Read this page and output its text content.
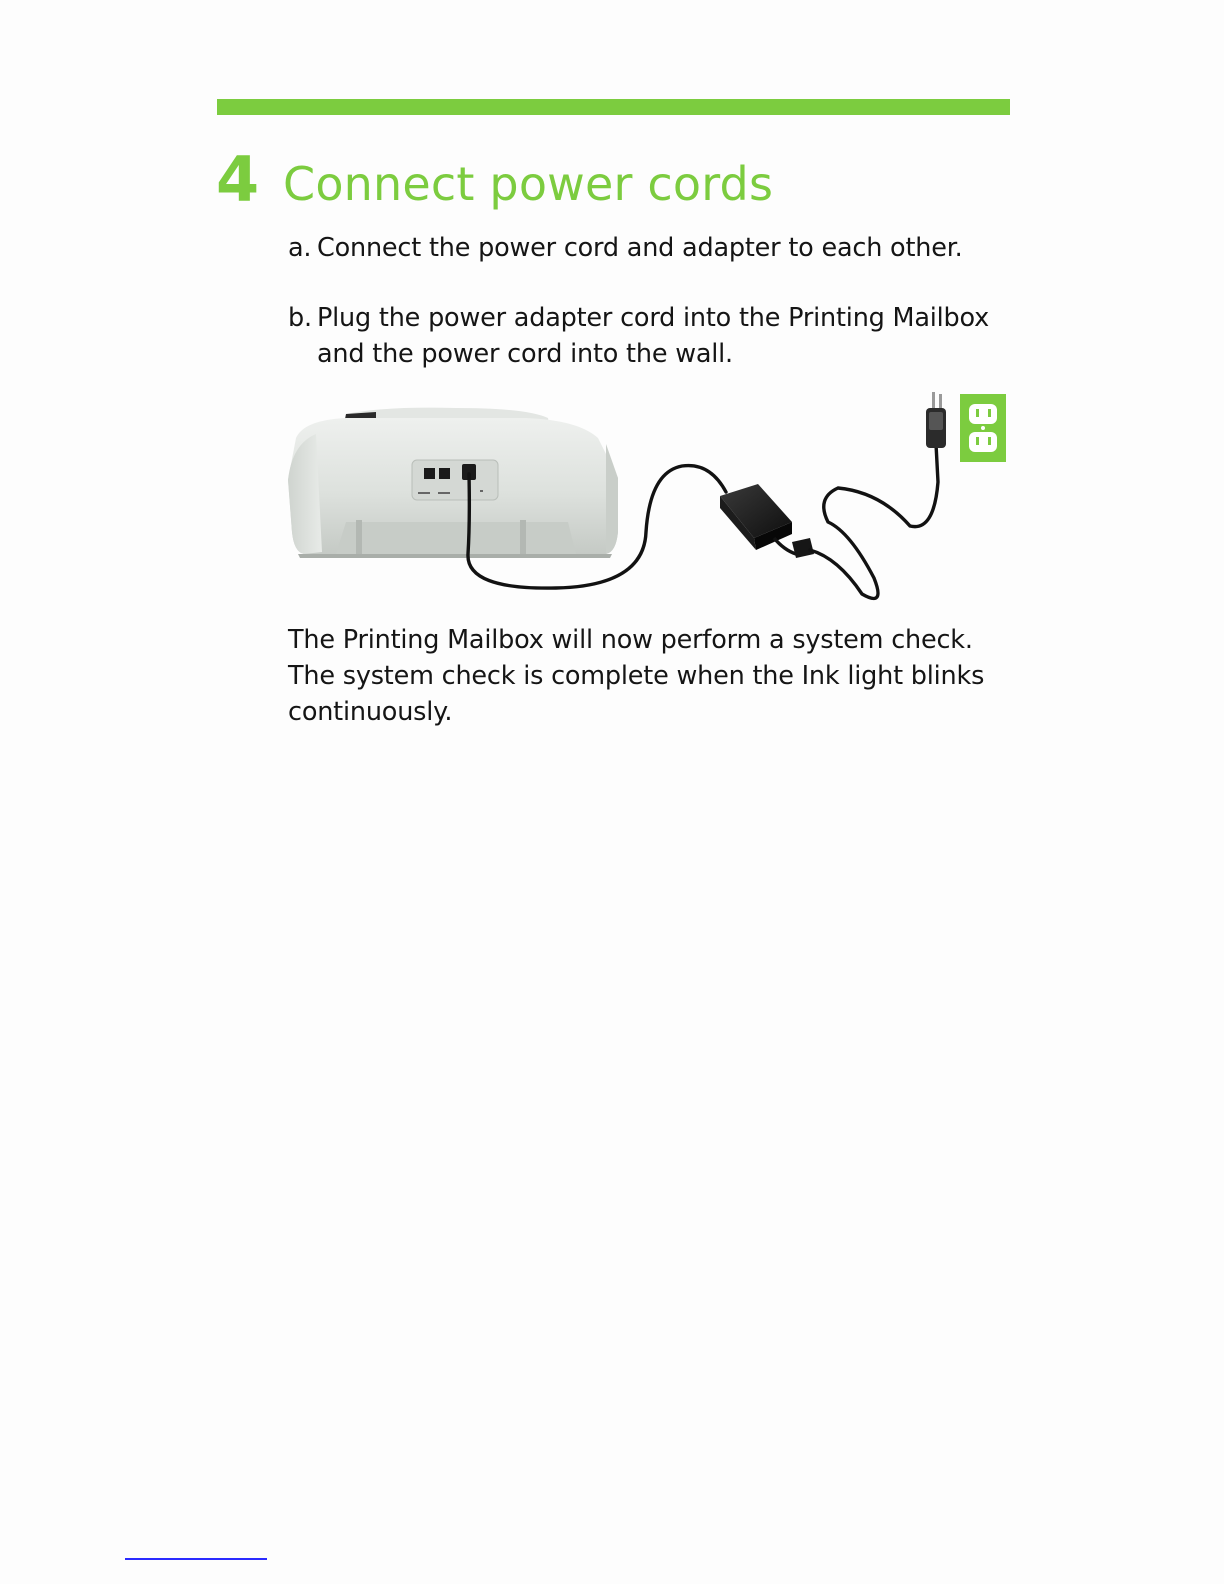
4 Connect power cords
a. Connect the power cord and adapter to each other.
b. Plug the power adapter cord into the Printing Mailbox and the power cord into the wall.
The Printing Mailbox will now perform a system check. The system check is complete when the Ink light blinks continuously.
